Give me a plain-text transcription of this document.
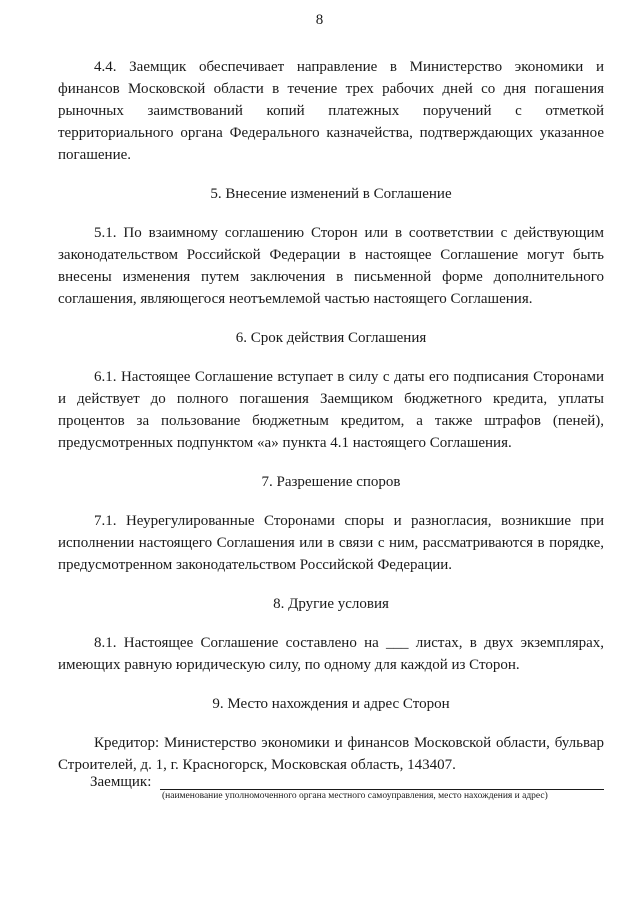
8

4.4. Заемщик обеспечивает направление в Министерство экономики и финансов Московской области в течение трех рабочих дней со дня погашения рыночных заимствований копий платежных поручений с отметкой территориального органа Федерального казначейства, подтверждающих указанное погашение.

5. Внесение изменений в Соглашение

5.1. По взаимному соглашению Сторон или в соответствии с действующим законодательством Российской Федерации в настоящее Соглашение могут быть внесены изменения путем заключения в письменной форме дополнительного соглашения, являющегося неотъемлемой частью настоящего Соглашения.

6. Срок действия Соглашения

6.1. Настоящее Соглашение вступает в силу с даты его подписания Сторонами и действует до полного погашения Заемщиком бюджетного кредита, уплаты процентов за пользование бюджетным кредитом, а также штрафов (пеней), предусмотренных подпунктом «а» пункта 4.1 настоящего Соглашения.

7. Разрешение споров

7.1. Неурегулированные Сторонами споры и разногласия, возникшие при исполнении настоящего Соглашения или в связи с ним, рассматриваются в порядке, предусмотренном законодательством Российской Федерации.

8. Другие условия

8.1. Настоящее Соглашение составлено на ___ листах, в двух экземплярах, имеющих равную юридическую силу, по одному для каждой из Сторон.

9. Место нахождения и адрес Сторон

Кредитор: Министерство экономики и финансов Московской области, бульвар Строителей, д. 1, г. Красногорск, Московская область, 143407.

Заемщик:
(наименование уполномоченного органа местного самоуправления, место нахождения и адрес)
